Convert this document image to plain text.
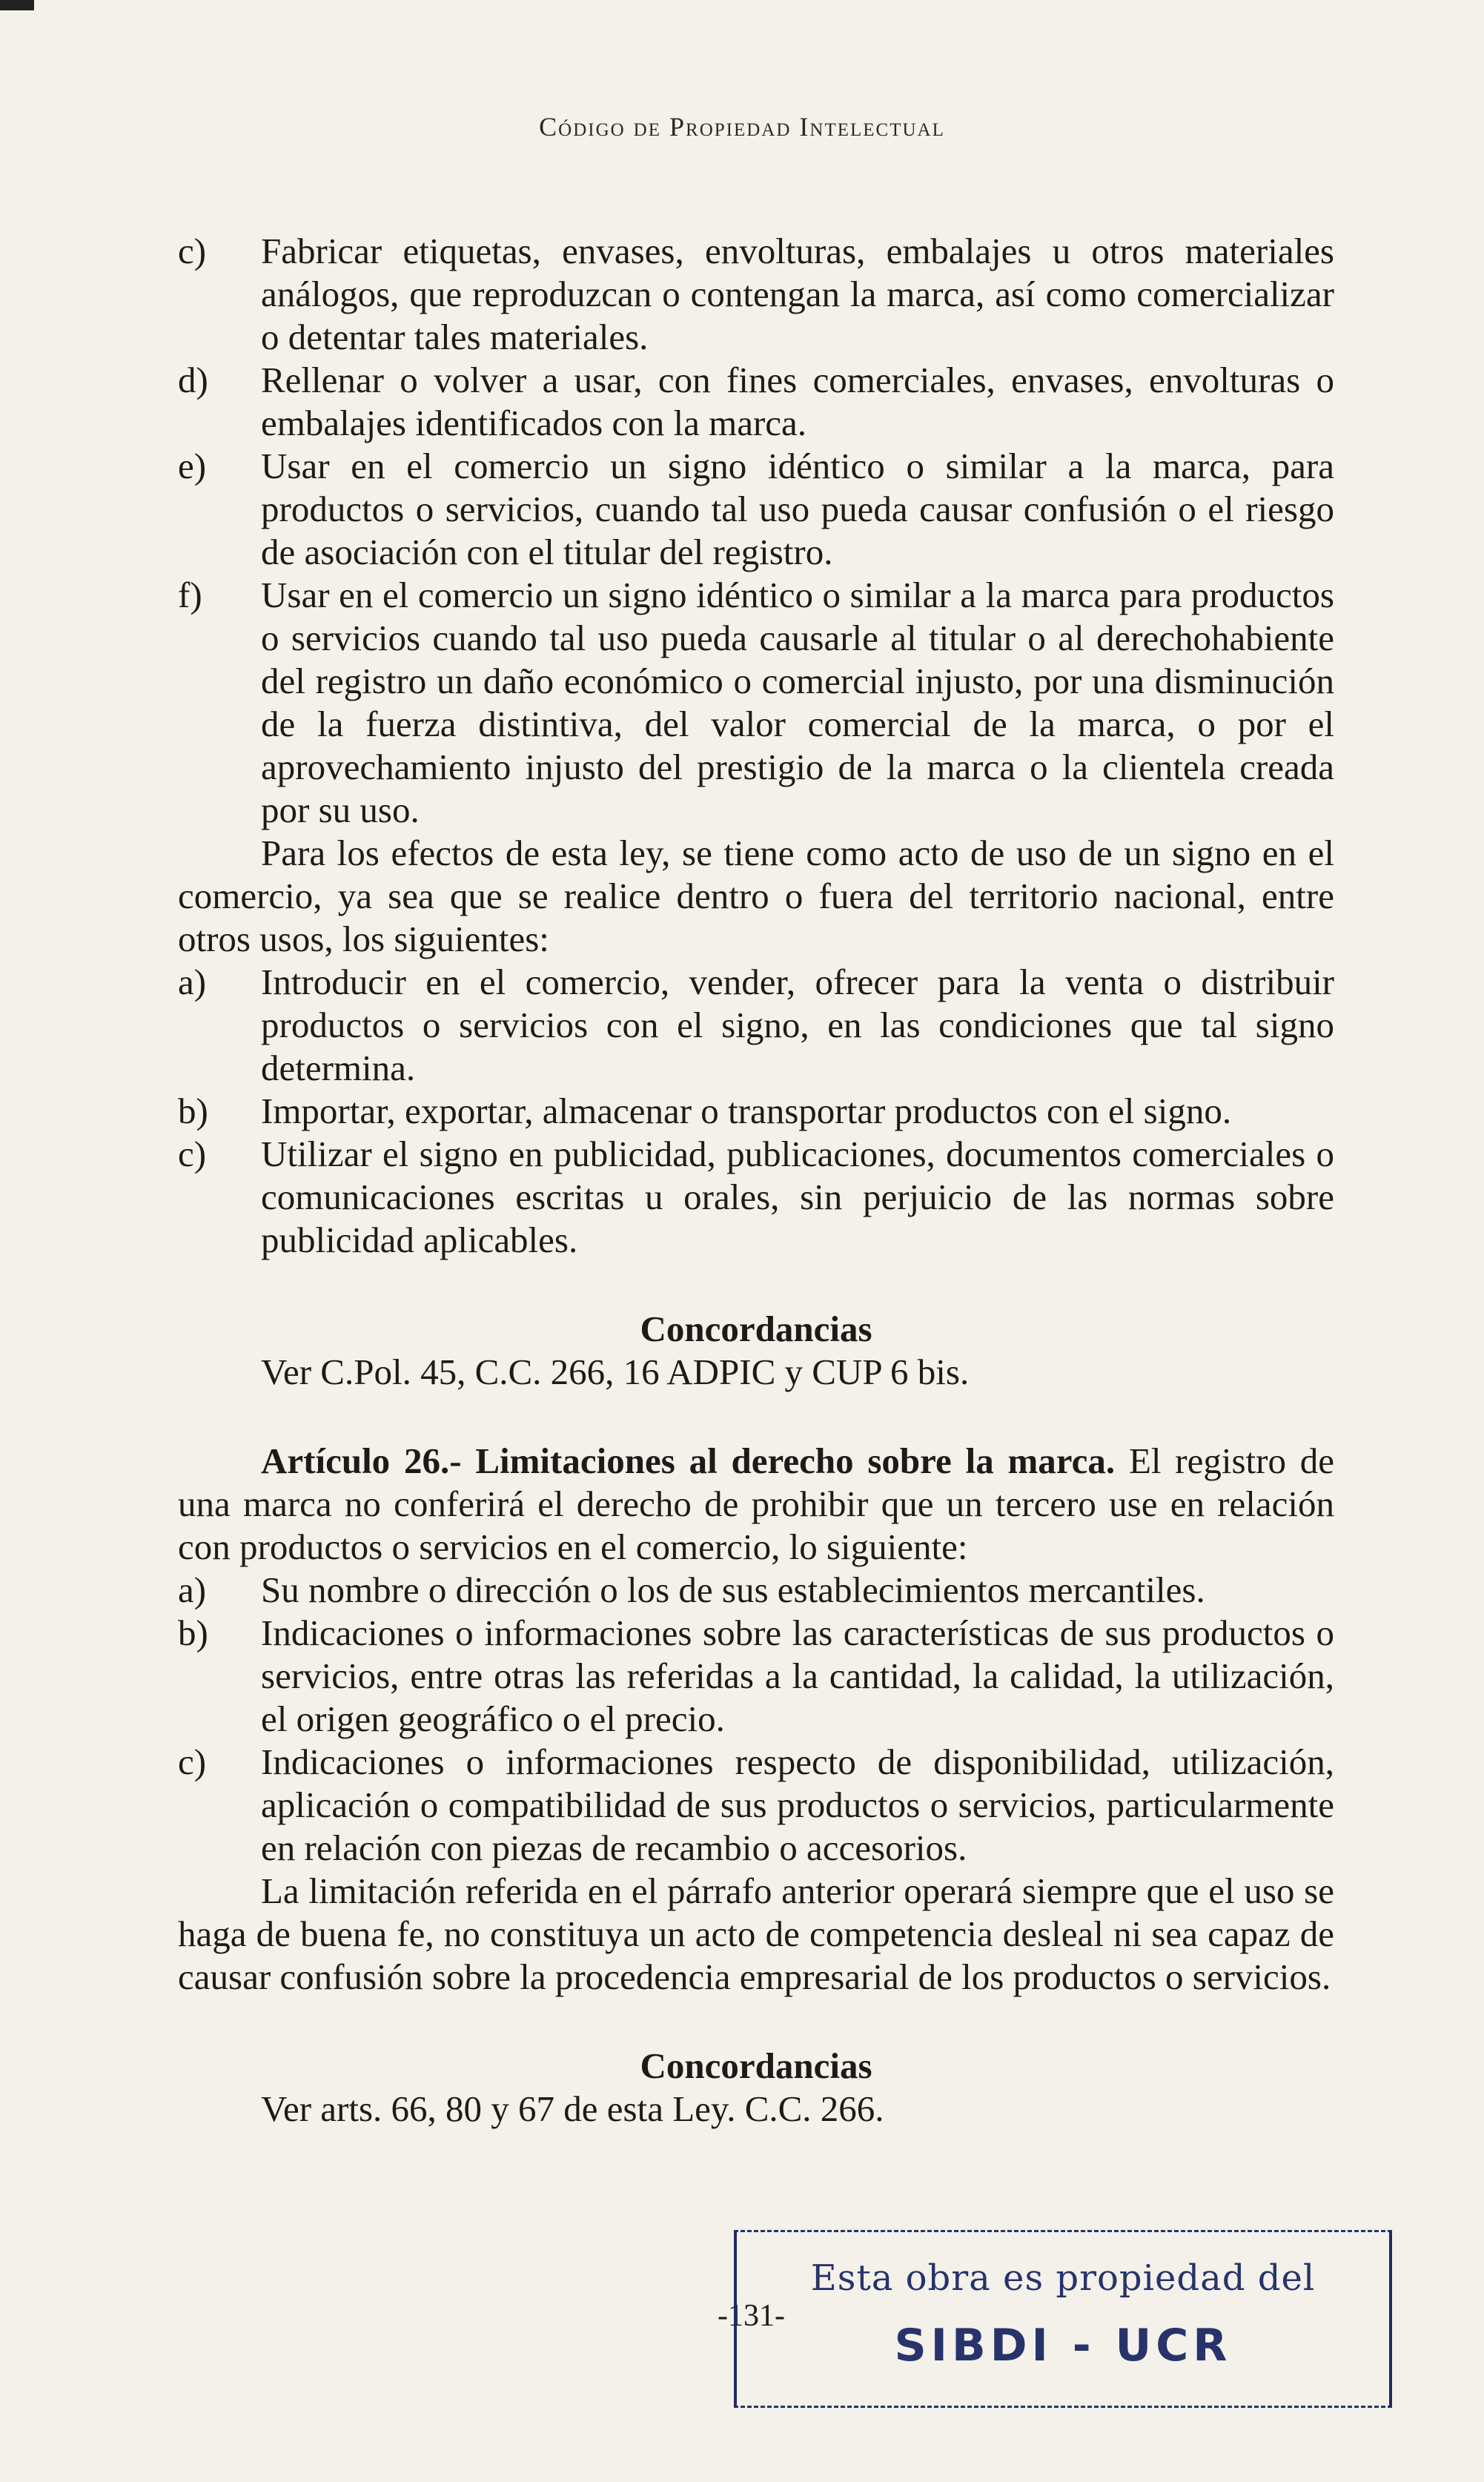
Código de Propiedad Intelectual
c) Fabricar etiquetas, envases, envolturas, embalajes u otros materiales análogos, que reproduzcan o contengan la marca, así como comercializar o detentar tales materiales.
d) Rellenar o volver a usar, con fines comerciales, envases, envolturas o embalajes identificados con la marca.
e) Usar en el comercio un signo idéntico o similar a la marca, para productos o servicios, cuando tal uso pueda causar confusión o el riesgo de asociación con el titular del registro.
f) Usar en el comercio un signo idéntico o similar a la marca para productos o servicios cuando tal uso pueda causarle al titular o al derechohabiente del registro un daño económico o comercial injusto, por una disminución de la fuerza distintiva, del valor comercial de la marca, o por el aprovechamiento injusto del prestigio de la marca o la clientela creada por su uso.
Para los efectos de esta ley, se tiene como acto de uso de un signo en el comercio, ya sea que se realice dentro o fuera del territorio nacional, entre otros usos, los siguientes:
a) Introducir en el comercio, vender, ofrecer para la venta o distribuir productos o servicios con el signo, en las condiciones que tal signo determina.
b) Importar, exportar, almacenar o transportar productos con el signo.
c) Utilizar el signo en publicidad, publicaciones, documentos comerciales o comunicaciones escritas u orales, sin perjuicio de las normas sobre publicidad aplicables.
Concordancias
Ver C.Pol. 45, C.C. 266, 16 ADPIC y CUP 6 bis.
Artículo 26.- Limitaciones al derecho sobre la marca. El registro de una marca no conferirá el derecho de prohibir que un tercero use en relación con productos o servicios en el comercio, lo siguiente:
a) Su nombre o dirección o los de sus establecimientos mercantiles.
b) Indicaciones o informaciones sobre las características de sus productos o servicios, entre otras las referidas a la cantidad, la calidad, la utilización, el origen geográfico o el precio.
c) Indicaciones o informaciones respecto de disponibilidad, utilización, aplicación o compatibilidad de sus productos o servicios, particularmente en relación con piezas de recambio o accesorios.
La limitación referida en el párrafo anterior operará siempre que el uso se haga de buena fe, no constituya un acto de competencia desleal ni sea capaz de causar confusión sobre la procedencia empresarial de los productos o servicios.
Concordancias
Ver arts. 66, 80 y 67 de esta Ley. C.C. 266.
-131-
Esta obra es propiedad del
SIBDI - UCR
